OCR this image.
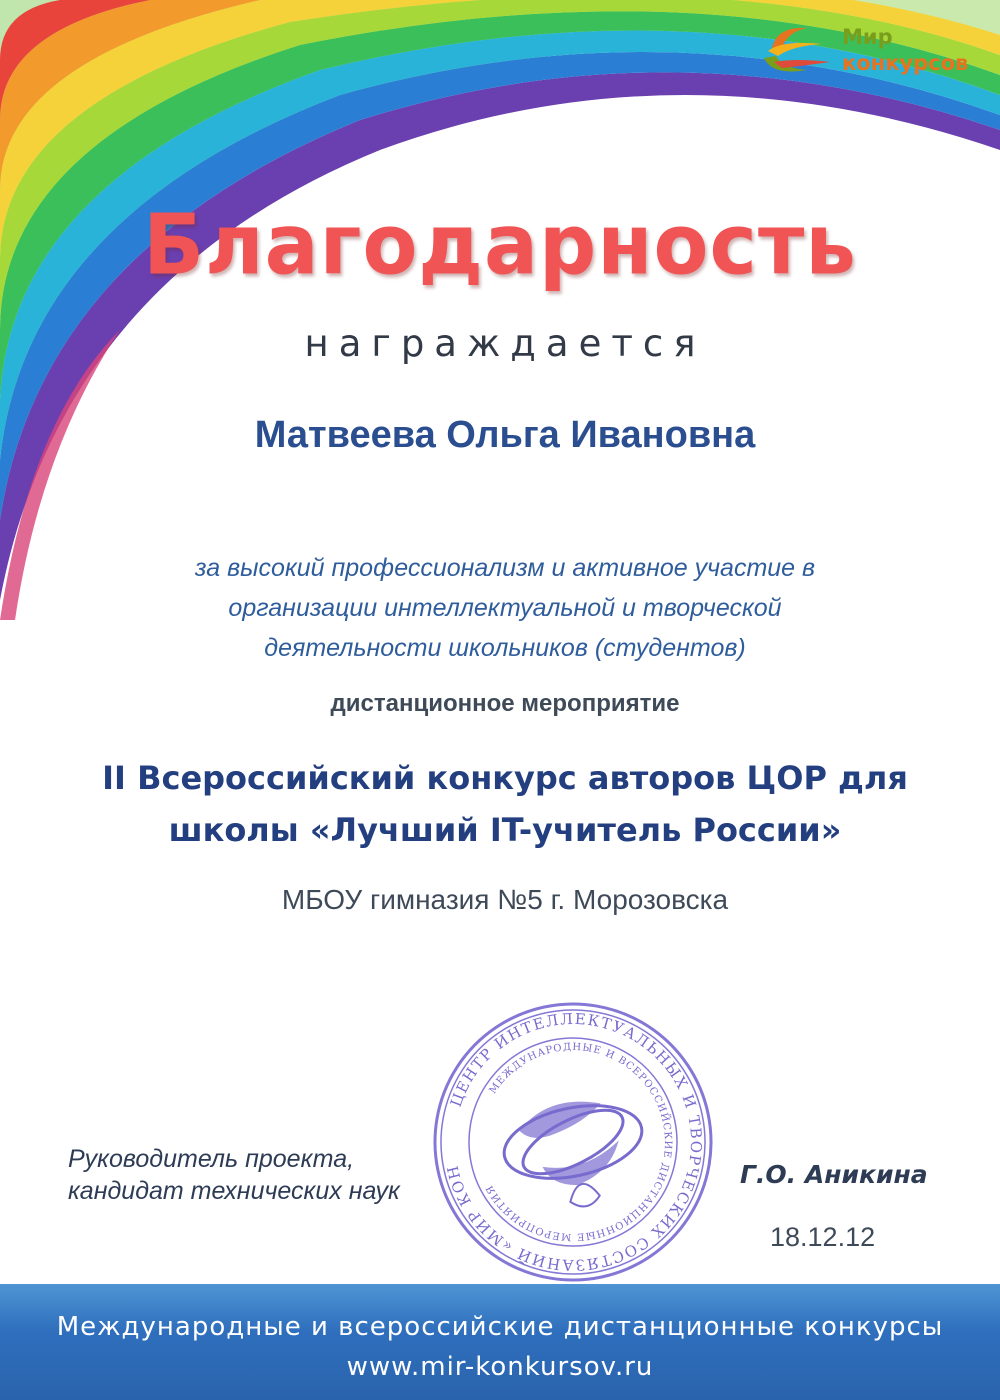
Мир
конкурсов
Благодарность
награждается
Матвеева Ольга Ивановна
за высокий профессионализм и активное участие в
организации интеллектуальной и творческой
деятельности школьников (студентов)
дистанционное мероприятие
II Всероссийский конкурс авторов ЦОР для
школы «Лучший IT-учитель России»
МБОУ гимназия №5 г. Морозовска
ЦЕНТР ИНТЕЛЛЕКТУАЛЬНЫХ И ТВОРЧЕСКИХ СОСТЯЗАНИЙ «МИР КОНКУРСОВ»
МЕЖДУНАРОДНЫЕ И ВСЕРОССИЙСКИЕ ДИСТАНЦИОННЫЕ МЕРОПРИЯТИЯ
Руководитель проекта,
кандидат технических наук
Г.О. Аникина
18.12.12
Международные и всероссийские дистанционные конкурсы
www.mir-konkursov.ru
